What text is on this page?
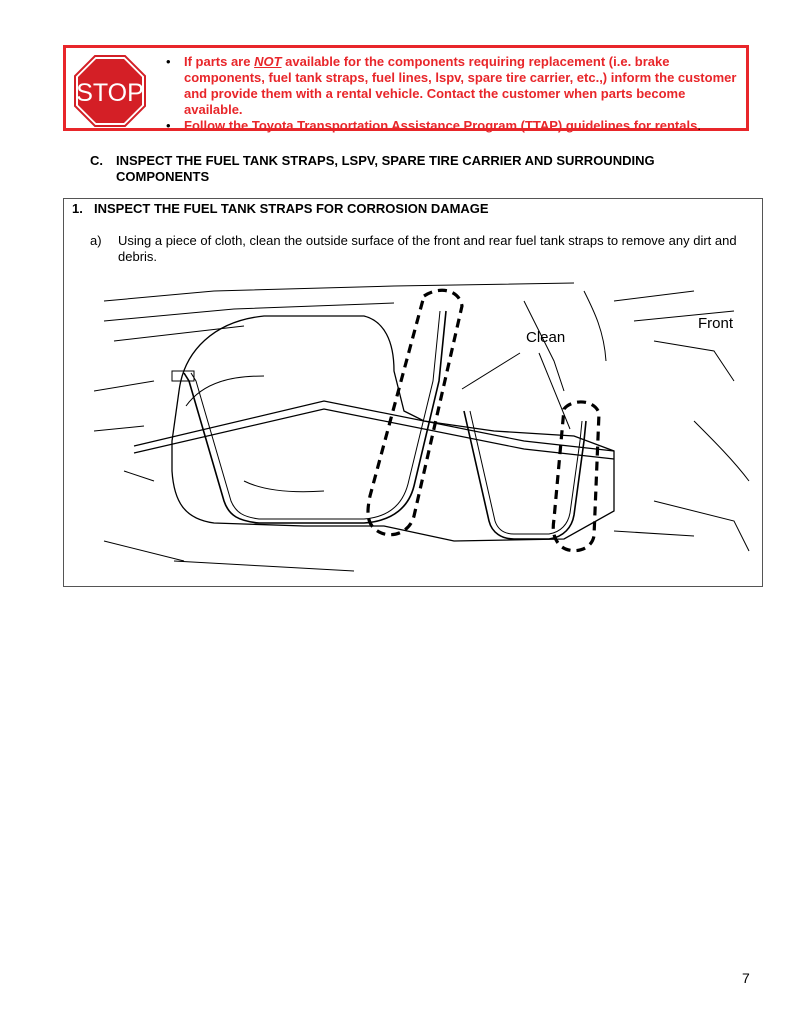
STOP
• If parts are NOT available for the components requiring replacement (i.e. brake components, fuel tank straps, fuel lines, lspv, spare tire carrier, etc.,) inform the customer and provide them with a rental vehicle. Contact the customer when parts become available.
• Follow the Toyota Transportation Assistance Program (TTAP) guidelines for rentals.
C. INSPECT THE FUEL TANK STRAPS, LSPV, SPARE TIRE CARRIER AND SURROUNDING COMPONENTS
1. INSPECT THE FUEL TANK STRAPS FOR CORROSION DAMAGE
a) Using a piece of cloth, clean the outside surface of the front and rear fuel tank straps to remove any dirt and debris.
Clean
Front
7
